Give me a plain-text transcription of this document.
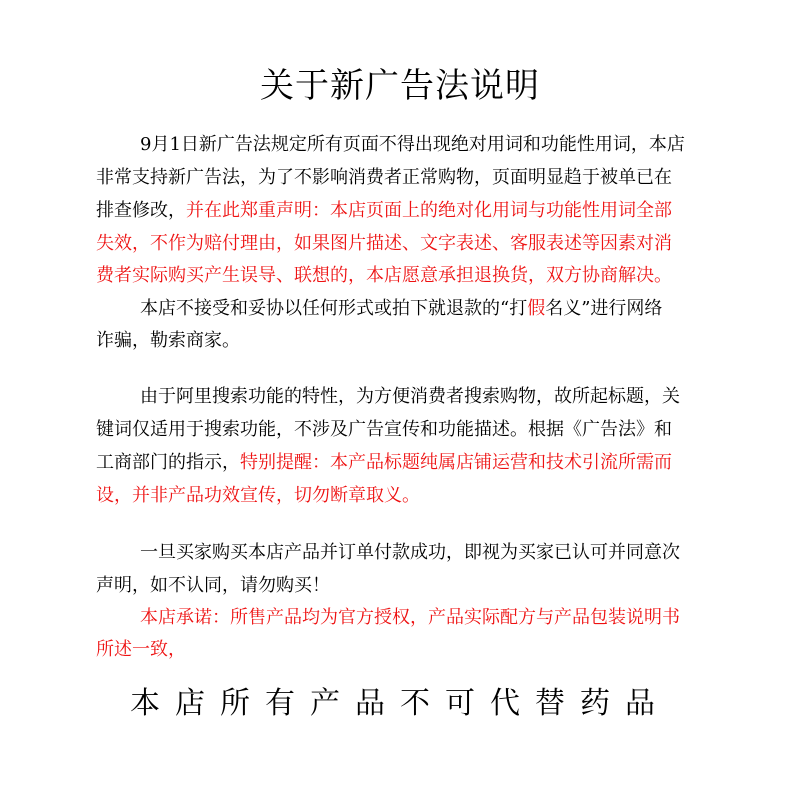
关于新广告法说明

9月1日新广告法规定所有页面不得出现绝对用词和功能性用词，本店

非常支持新广告法，为了不影响消费者正常购物，页面明显趋于被单已在

排查修改，并在此郑重声明：本店页面上的绝对化用词与功能性用词全部

失效，不作为赔付理由，如果图片描述、文字表述、客服表述等因素对消

费者实际购买产生误导、联想的，本店愿意承担退换货，双方协商解决。

本店不接受和妥协以任何形式或拍下就退款的“打假名义”进行网络

诈骗，勒索商家。

由于阿里搜索功能的特性，为方便消费者搜索购物，故所起标题，关

键词仅适用于搜索功能，不涉及广告宣传和功能描述。根据《广告法》和

工商部门的指示，特别提醒：本产品标题纯属店铺运营和技术引流所需而

设，并非产品功效宣传，切勿断章取义。

一旦买家购买本店产品并订单付款成功，即视为买家已认可并同意次

声明，如不认同，请勿购买！

本店承诺：所售产品均为官方授权，产品实际配方与产品包装说明书

所述一致，

本店所有产品不可代替药品
